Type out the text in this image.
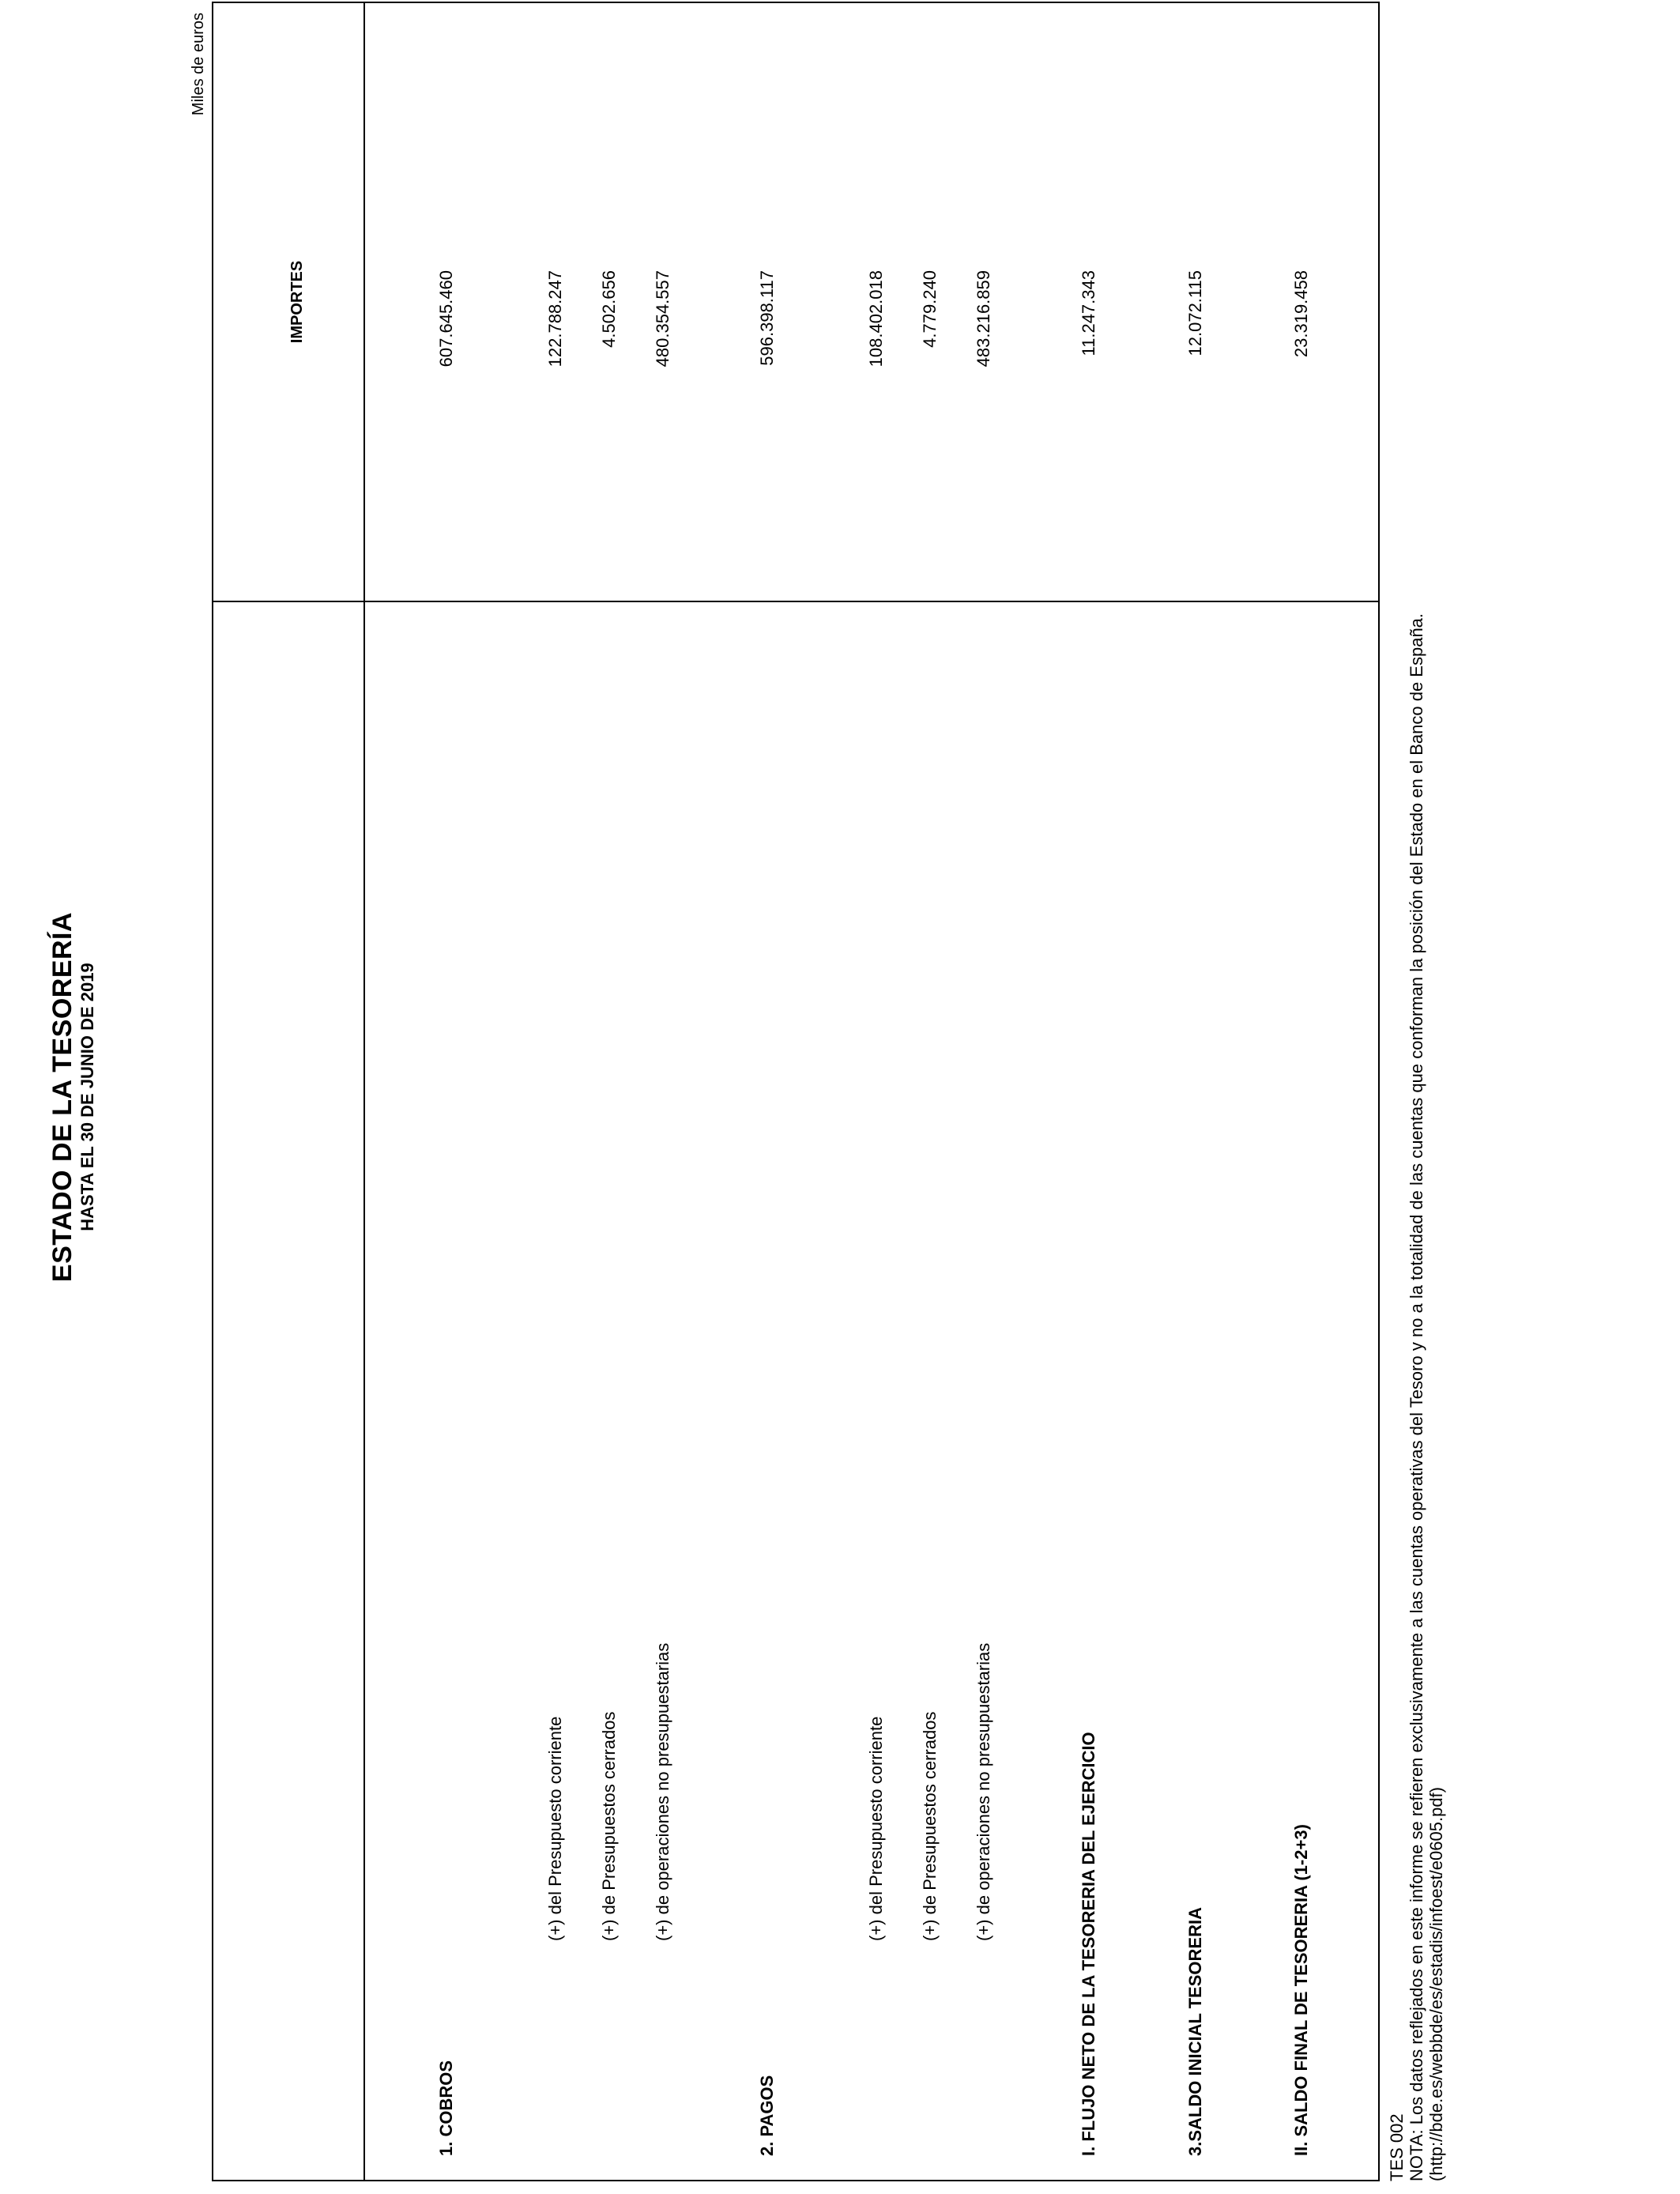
ESTADO DE LA TESORERÍA HASTA EL 30 DE JUNIO DE 2019
Miles de euros
IMPORTES
1. COBROS
607.645.460
(+) del Presupuesto corriente
122.788.247
(+) de Presupuestos cerrados
4.502.656
(+) de operaciones no presupuestarias
480.354.557
2. PAGOS
596.398.117
(+) del Presupuesto corriente
108.402.018
(+) de Presupuestos cerrados
4.779.240
(+) de operaciones no presupuestarias
483.216.859
I. FLUJO NETO DE LA TESORERIA DEL EJERCICIO
11.247.343
3.SALDO INICIAL TESORERIA
12.072.115
II. SALDO FINAL DE TESORERIA (1-2+3)
23.319.458
TES 002 NOTA: Los datos reflejados en este informe se refieren exclusivamente a las cuentas operativas del Tesoro y no a la totalidad de las cuentas que conforman la posición del Estado en el Banco de España. (http://bde.es/webbde/es/estadis/infoest/e0605.pdf)
